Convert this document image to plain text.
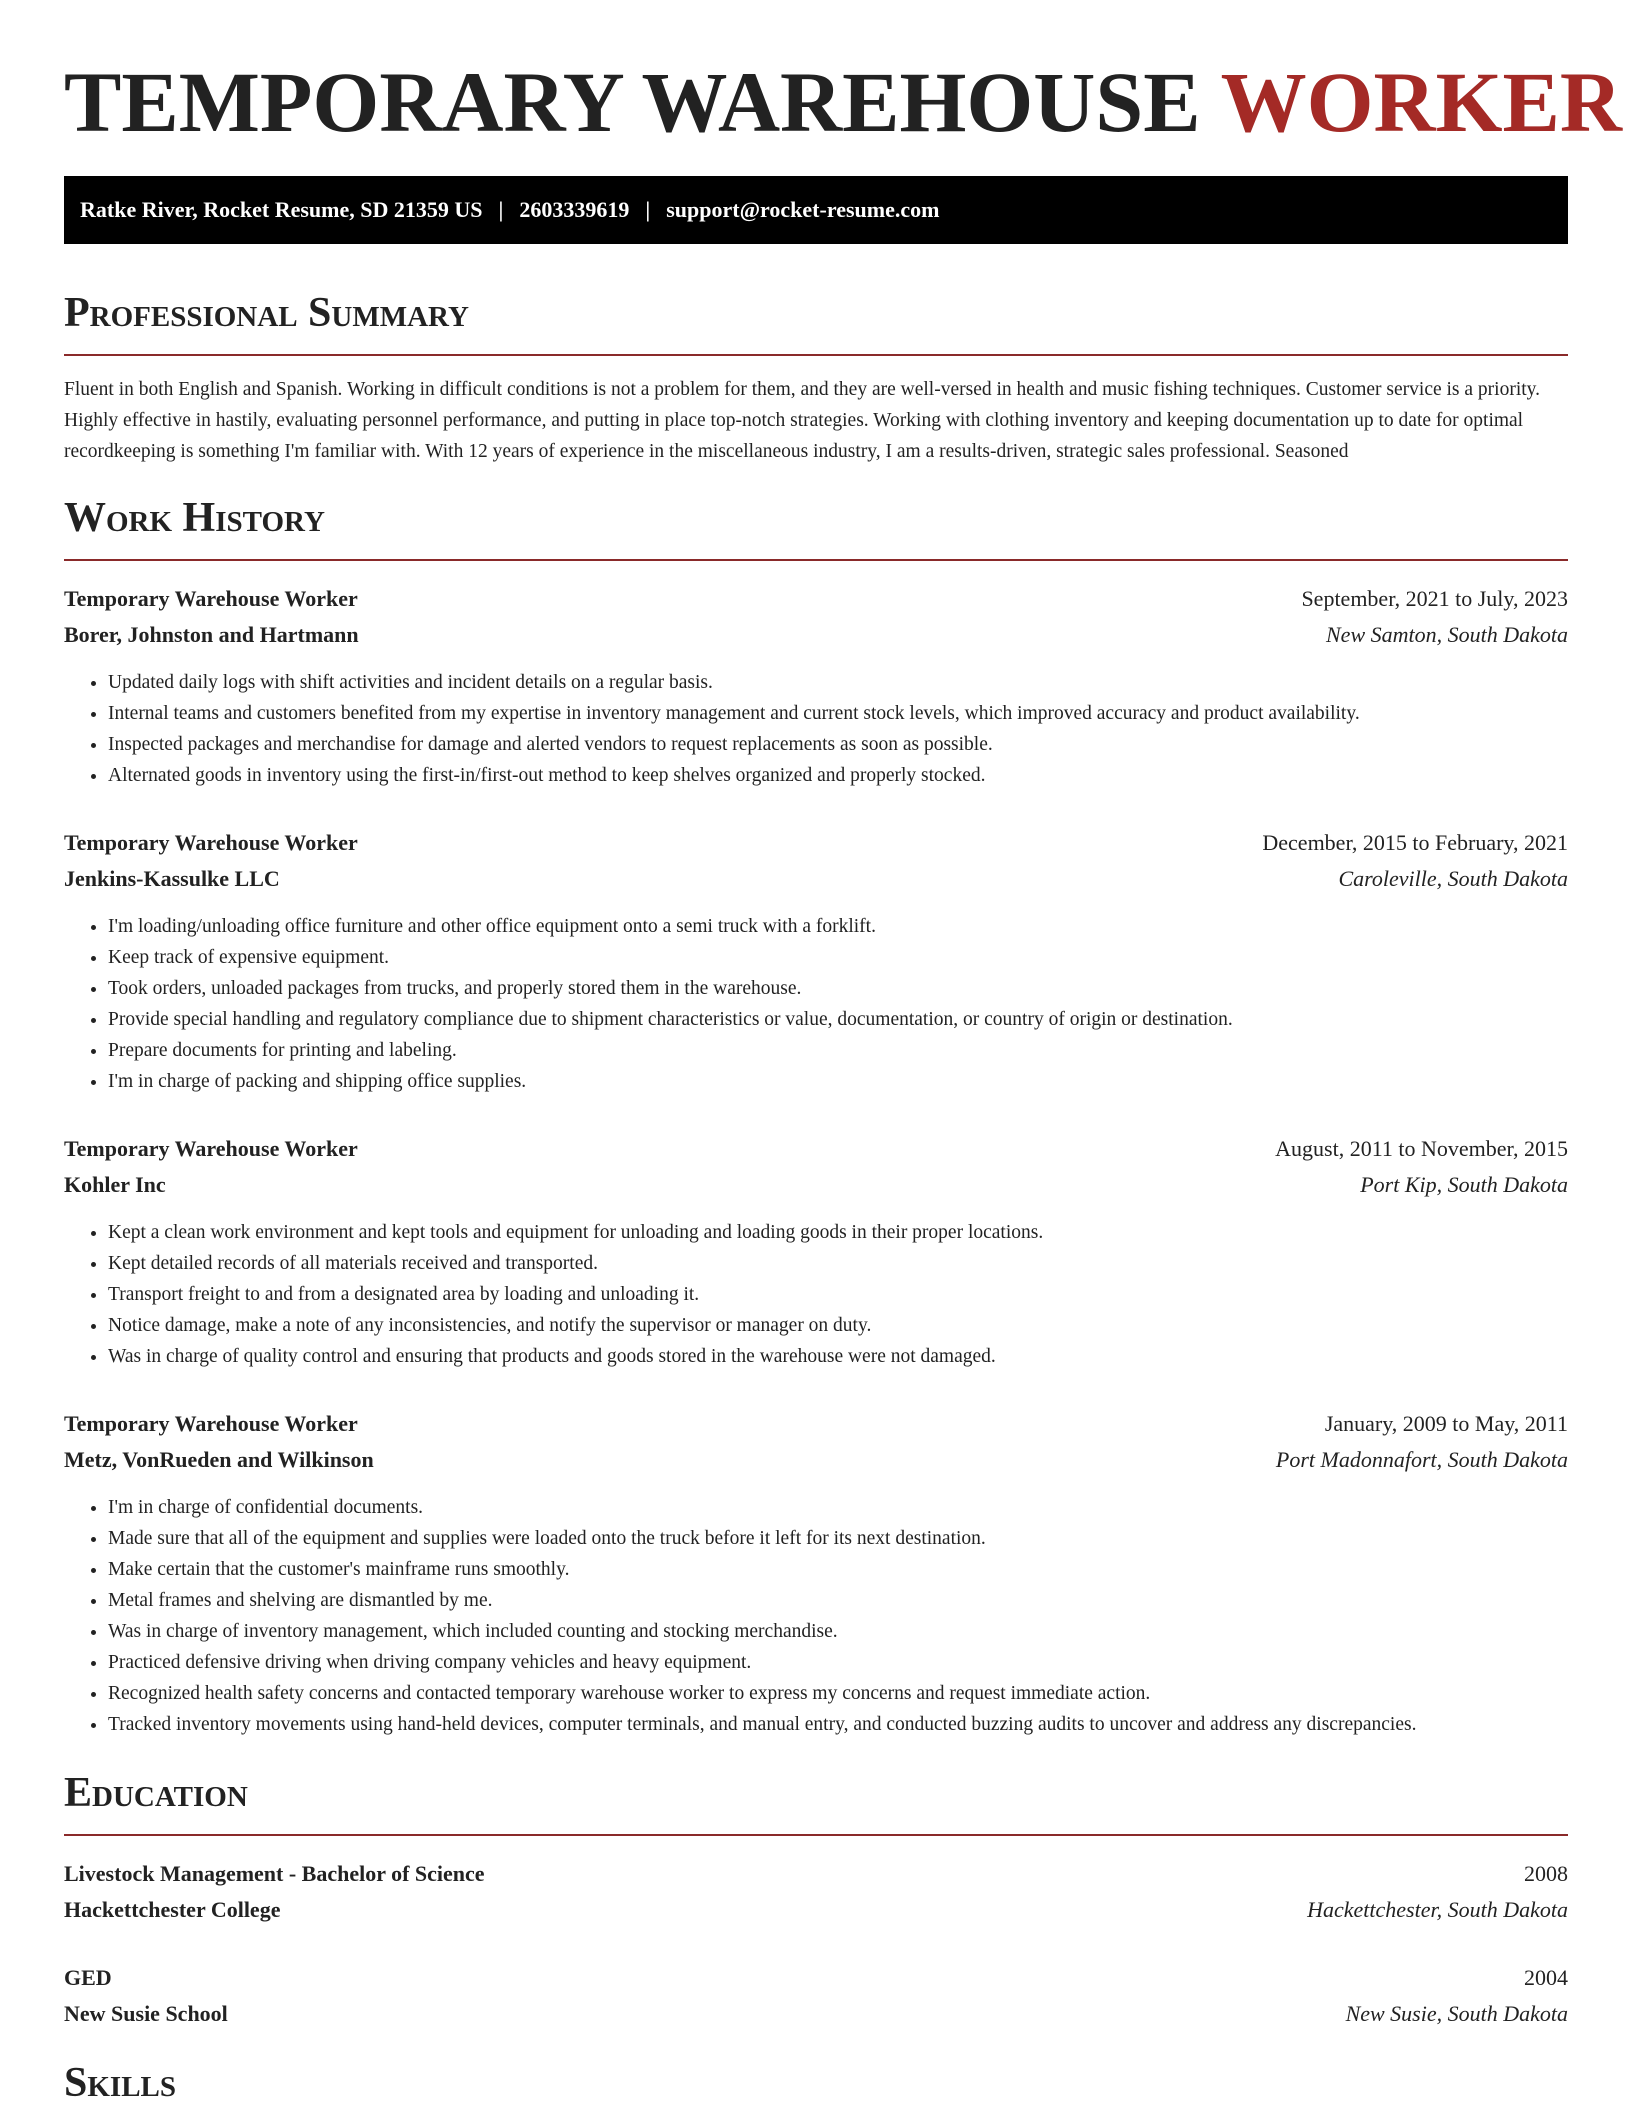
TEMPORARY WAREHOUSE WORKER
Ratke River, Rocket Resume, SD 21359 US | 2603339619 | support@rocket-resume.com
Professional Summary
Fluent in both English and Spanish. Working in difficult conditions is not a problem for them, and they are well-versed in health and music fishing techniques. Customer service is a priority. Highly effective in hastily, evaluating personnel performance, and putting in place top-notch strategies. Working with clothing inventory and keeping documentation up to date for optimal recordkeeping is something I'm familiar with. With 12 years of experience in the miscellaneous industry, I am a results-driven, strategic sales professional. Seasoned
Work History
Temporary Warehouse Worker	September, 2021 to July, 2023
Borer, Johnston and Hartmann	New Samton, South Dakota
• Updated daily logs with shift activities and incident details on a regular basis.
• Internal teams and customers benefited from my expertise in inventory management and current stock levels, which improved accuracy and product availability.
• Inspected packages and merchandise for damage and alerted vendors to request replacements as soon as possible.
• Alternated goods in inventory using the first-in/first-out method to keep shelves organized and properly stocked.
Temporary Warehouse Worker	December, 2015 to February, 2021
Jenkins-Kassulke LLC	Caroleville, South Dakota
• I'm loading/unloading office furniture and other office equipment onto a semi truck with a forklift.
• Keep track of expensive equipment.
• Took orders, unloaded packages from trucks, and properly stored them in the warehouse.
• Provide special handling and regulatory compliance due to shipment characteristics or value, documentation, or country of origin or destination.
• Prepare documents for printing and labeling.
• I'm in charge of packing and shipping office supplies.
Temporary Warehouse Worker	August, 2011 to November, 2015
Kohler Inc	Port Kip, South Dakota
• Kept a clean work environment and kept tools and equipment for unloading and loading goods in their proper locations.
• Kept detailed records of all materials received and transported.
• Transport freight to and from a designated area by loading and unloading it.
• Notice damage, make a note of any inconsistencies, and notify the supervisor or manager on duty.
• Was in charge of quality control and ensuring that products and goods stored in the warehouse were not damaged.
Temporary Warehouse Worker	January, 2009 to May, 2011
Metz, VonRueden and Wilkinson	Port Madonnafort, South Dakota
• I'm in charge of confidential documents.
• Made sure that all of the equipment and supplies were loaded onto the truck before it left for its next destination.
• Make certain that the customer's mainframe runs smoothly.
• Metal frames and shelving are dismantled by me.
• Was in charge of inventory management, which included counting and stocking merchandise.
• Practiced defensive driving when driving company vehicles and heavy equipment.
• Recognized health safety concerns and contacted temporary warehouse worker to express my concerns and request immediate action.
• Tracked inventory movements using hand-held devices, computer terminals, and manual entry, and conducted buzzing audits to uncover and address any discrepancies.
Education
Livestock Management - Bachelor of Science	2008
Hackettchester College	Hackettchester, South Dakota
GED	2004
New Susie School	New Susie, South Dakota
Skills
